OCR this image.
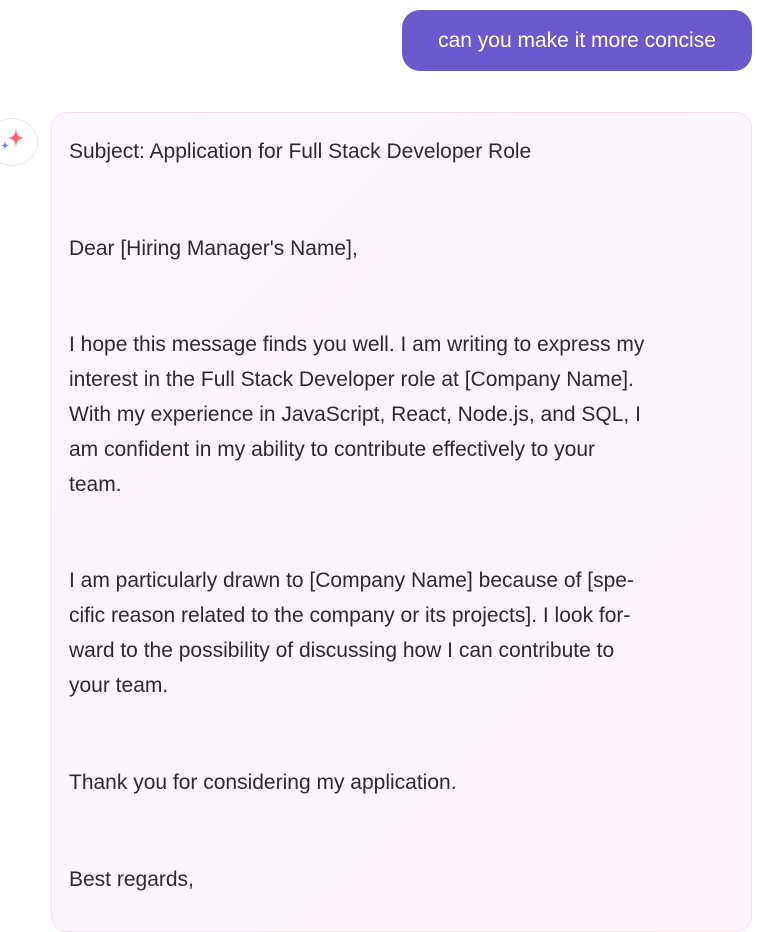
can you make it more concise
Subject: Application for Full Stack Developer Role
Dear [Hiring Manager's Name],
I hope this message finds you well. I am writing to express my
interest in the Full Stack Developer role at [Company Name].
With my experience in JavaScript, React, Node.js, and SQL, I
am confident in my ability to contribute effectively to your
team.
I am particularly drawn to [Company Name] because of [spe-
cific reason related to the company or its projects]. I look for-
ward to the possibility of discussing how I can contribute to
your team.
Thank you for considering my application.
Best regards,
